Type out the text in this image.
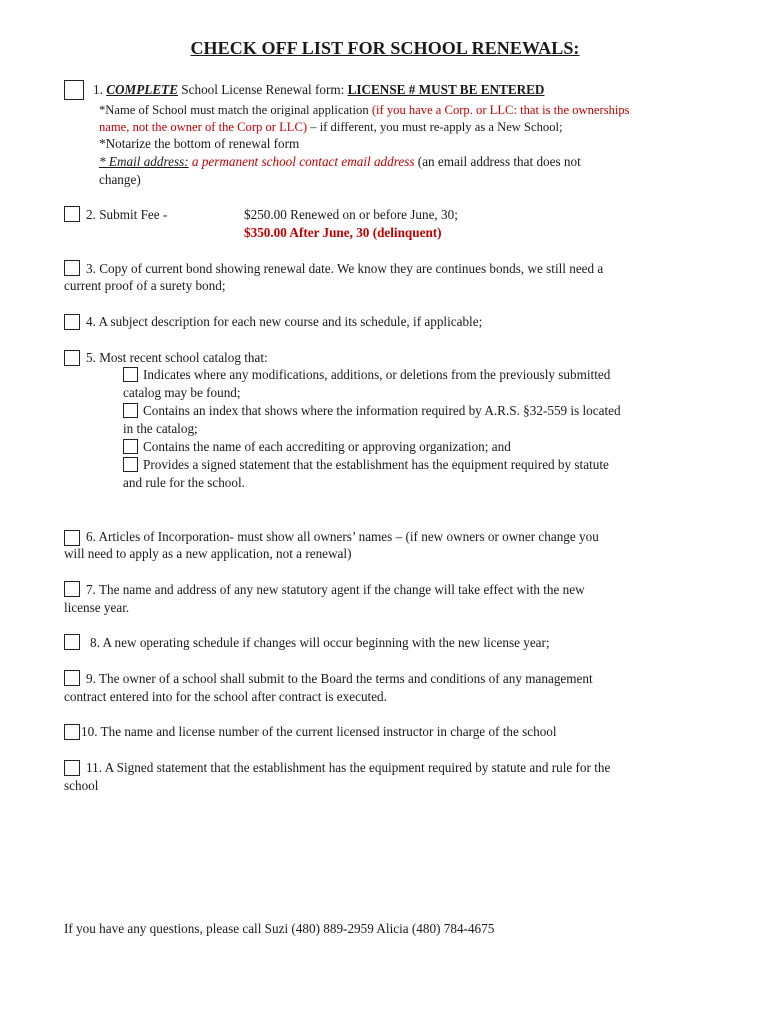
CHECK OFF LIST FOR SCHOOL RENEWALS:
1. COMPLETE School License Renewal form: LICENSE # MUST BE ENTERED
*Name of School must match the original application (if you have a Corp. or LLC: that is the ownerships
name, not the owner of the Corp or LLC) – if different, you must re-apply as a New School;
*Notarize the bottom of renewal form
* Email address: a permanent school contact email address (an email address that does not
change)
2. Submit Fee -	$250.00 Renewed on or before June, 30;
$350.00 After June, 30 (delinquent)
3. Copy of current bond showing renewal date. We know they are continues bonds, we still need a
current proof of a surety bond;
4. A subject description for each new course and its schedule, if applicable;
5. Most recent school catalog that:
Indicates where any modifications, additions, or deletions from the previously submitted
catalog may be found;
Contains an index that shows where the information required by A.R.S. §32-559 is located
in the catalog;
Contains the name of each accrediting or approving organization; and
Provides a signed statement that the establishment has the equipment required by statute
and rule for the school.
6. Articles of Incorporation- must show all owners’ names – (if new owners or owner change you
will need to apply as a new application, not a renewal)
7. The name and address of any new statutory agent if the change will take effect with the new
license year.
8. A new operating schedule if changes will occur beginning with the new license year;
9. The owner of a school shall submit to the Board the terms and conditions of any management
contract entered into for the school after contract is executed.
10. The name and license number of the current licensed instructor in charge of the school
11. A Signed statement that the establishment has the equipment required by statute and rule for the
school
If you have any questions, please call Suzi (480) 889-2959 Alicia (480) 784-4675
